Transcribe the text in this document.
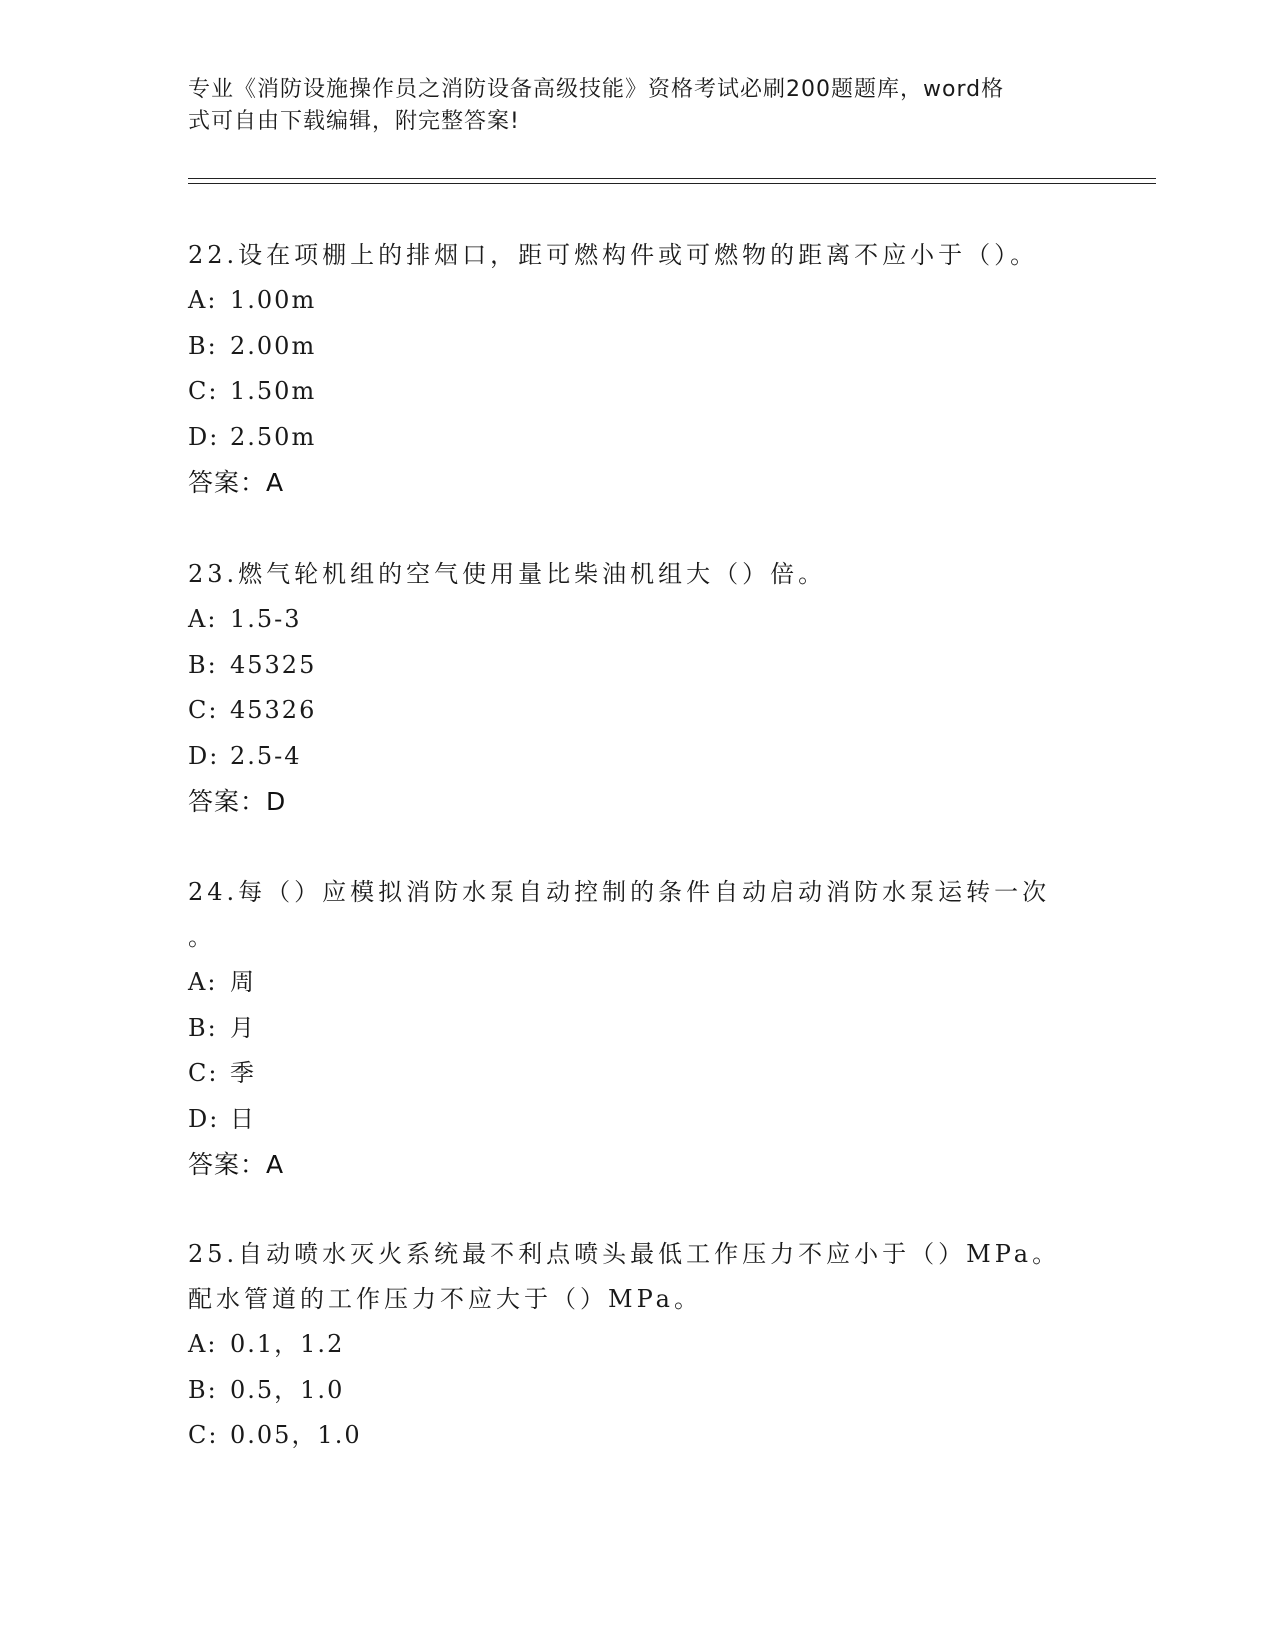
专业《消防设施操作员之消防设备高级技能》资格考试必刷200题题库，word格
式可自由下载编辑，附完整答案!

22.设在项棚上的排烟口，距可燃构件或可燃物的距离不应小于（）。

A: 1.00m
B: 2.00m
C: 1.50m
D: 2.50m
答案：A

23.燃气轮机组的空气使用量比柴油机组大（）倍。

A: 1.5-3
B: 45325
C: 45326
D: 2.5-4
答案：D

24.每（）应模拟消防水泵自动控制的条件自动启动消防水泵运转一次

。

A: 周
B: 月
C: 季
D: 日
答案：A

25.自动喷水灭火系统最不利点喷头最低工作压力不应小于（）MPa。

配水管道的工作压力不应大于（）MPa。

A: 0.1，1.2
B: 0.5，1.0
C: 0.05，1.0
